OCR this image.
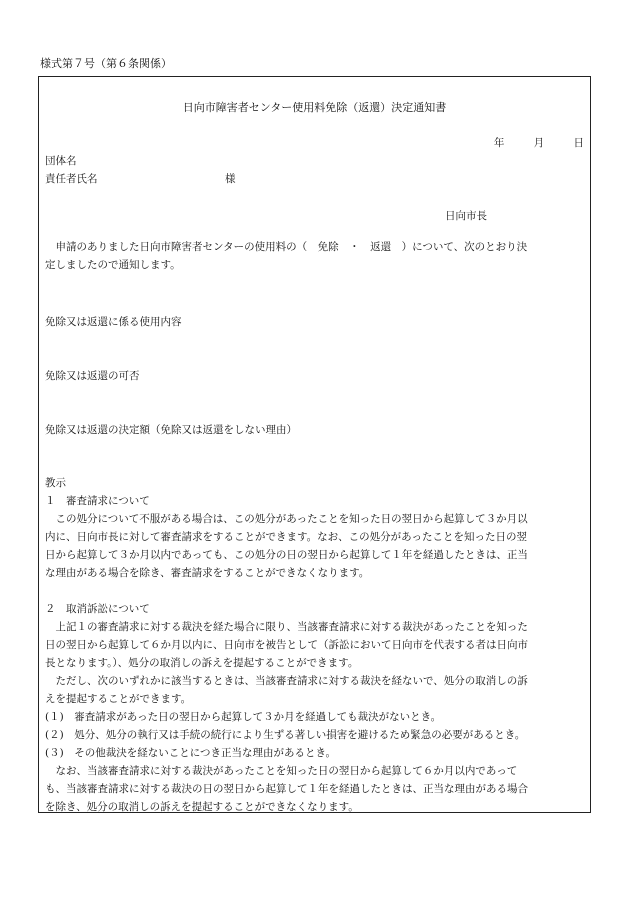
様式第７号（第６条関係）
日向市障害者センター使用料免除（返還）決定通知書
年	月	日
団体名
責任者氏名	様
日向市長
申請のありました日向市障害者センターの使用料の（　免除　・　返還　）について、次のとおり決
定しましたので通知します。
免除又は返還に係る使用内容
免除又は返還の可否
免除又は返還の決定額（免除又は返還をしない理由）
教示
１　審査請求について
この処分について不服がある場合は、この処分があったことを知った日の翌日から起算して３か月以
内に、日向市長に対して審査請求をすることができます。なお、この処分があったことを知った日の翌
日から起算して３か月以内であっても、この処分の日の翌日から起算して１年を経過したときは、正当
な理由がある場合を除き、審査請求をすることができなくなります。
２　取消訴訟について
上記１の審査請求に対する裁決を経た場合に限り、当該審査請求に対する裁決があったことを知った
日の翌日から起算して６か月以内に、日向市を被告として（訴訟において日向市を代表する者は日向市
長となります。）、処分の取消しの訴えを提起することができます。
ただし、次のいずれかに該当するときは、当該審査請求に対する裁決を経ないで、処分の取消しの訴
えを提起することができます。
(１)　審査請求があった日の翌日から起算して３か月を経過しても裁決がないとき。
(２)　処分、処分の執行又は手続の続行により生ずる著しい損害を避けるため緊急の必要があるとき。
(３)　その他裁決を経ないことにつき正当な理由があるとき。
なお、当該審査請求に対する裁決があったことを知った日の翌日から起算して６か月以内であって
も、当該審査請求に対する裁決の日の翌日から起算して１年を経過したときは、正当な理由がある場合
を除き、処分の取消しの訴えを提起することができなくなります。
